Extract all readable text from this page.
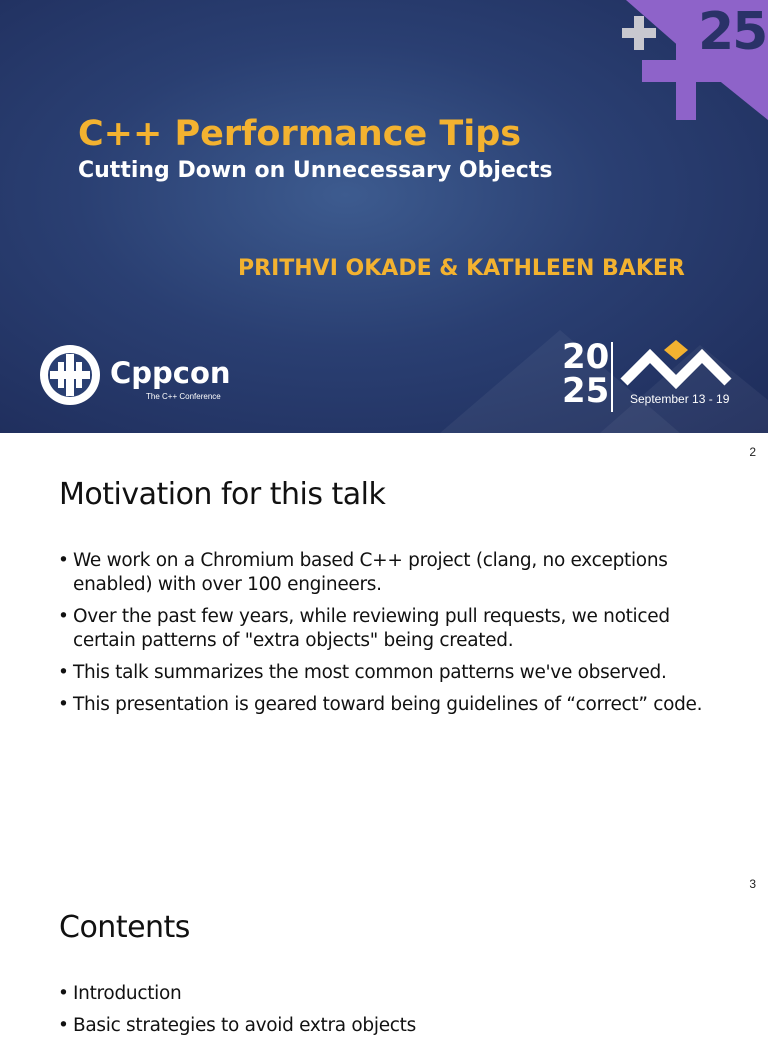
25
C++ Performance Tips
Cutting Down on Unnecessary Objects

PRITHVI OKADE & KATHLEEN BAKER

Cppcon
The C++ Conference
20
25 September 13 - 19
2
Motivation for this talk
• We work on a Chromium based C++ project (clang, no exceptions enabled) with over 100 engineers.
• Over the past few years, while reviewing pull requests, we noticed certain patterns of "extra objects" being created.
• This talk summarizes the most common patterns we've observed.
• This presentation is geared toward being guidelines of “correct” code.
3
Contents
• Introduction
• Basic strategies to avoid extra objects
